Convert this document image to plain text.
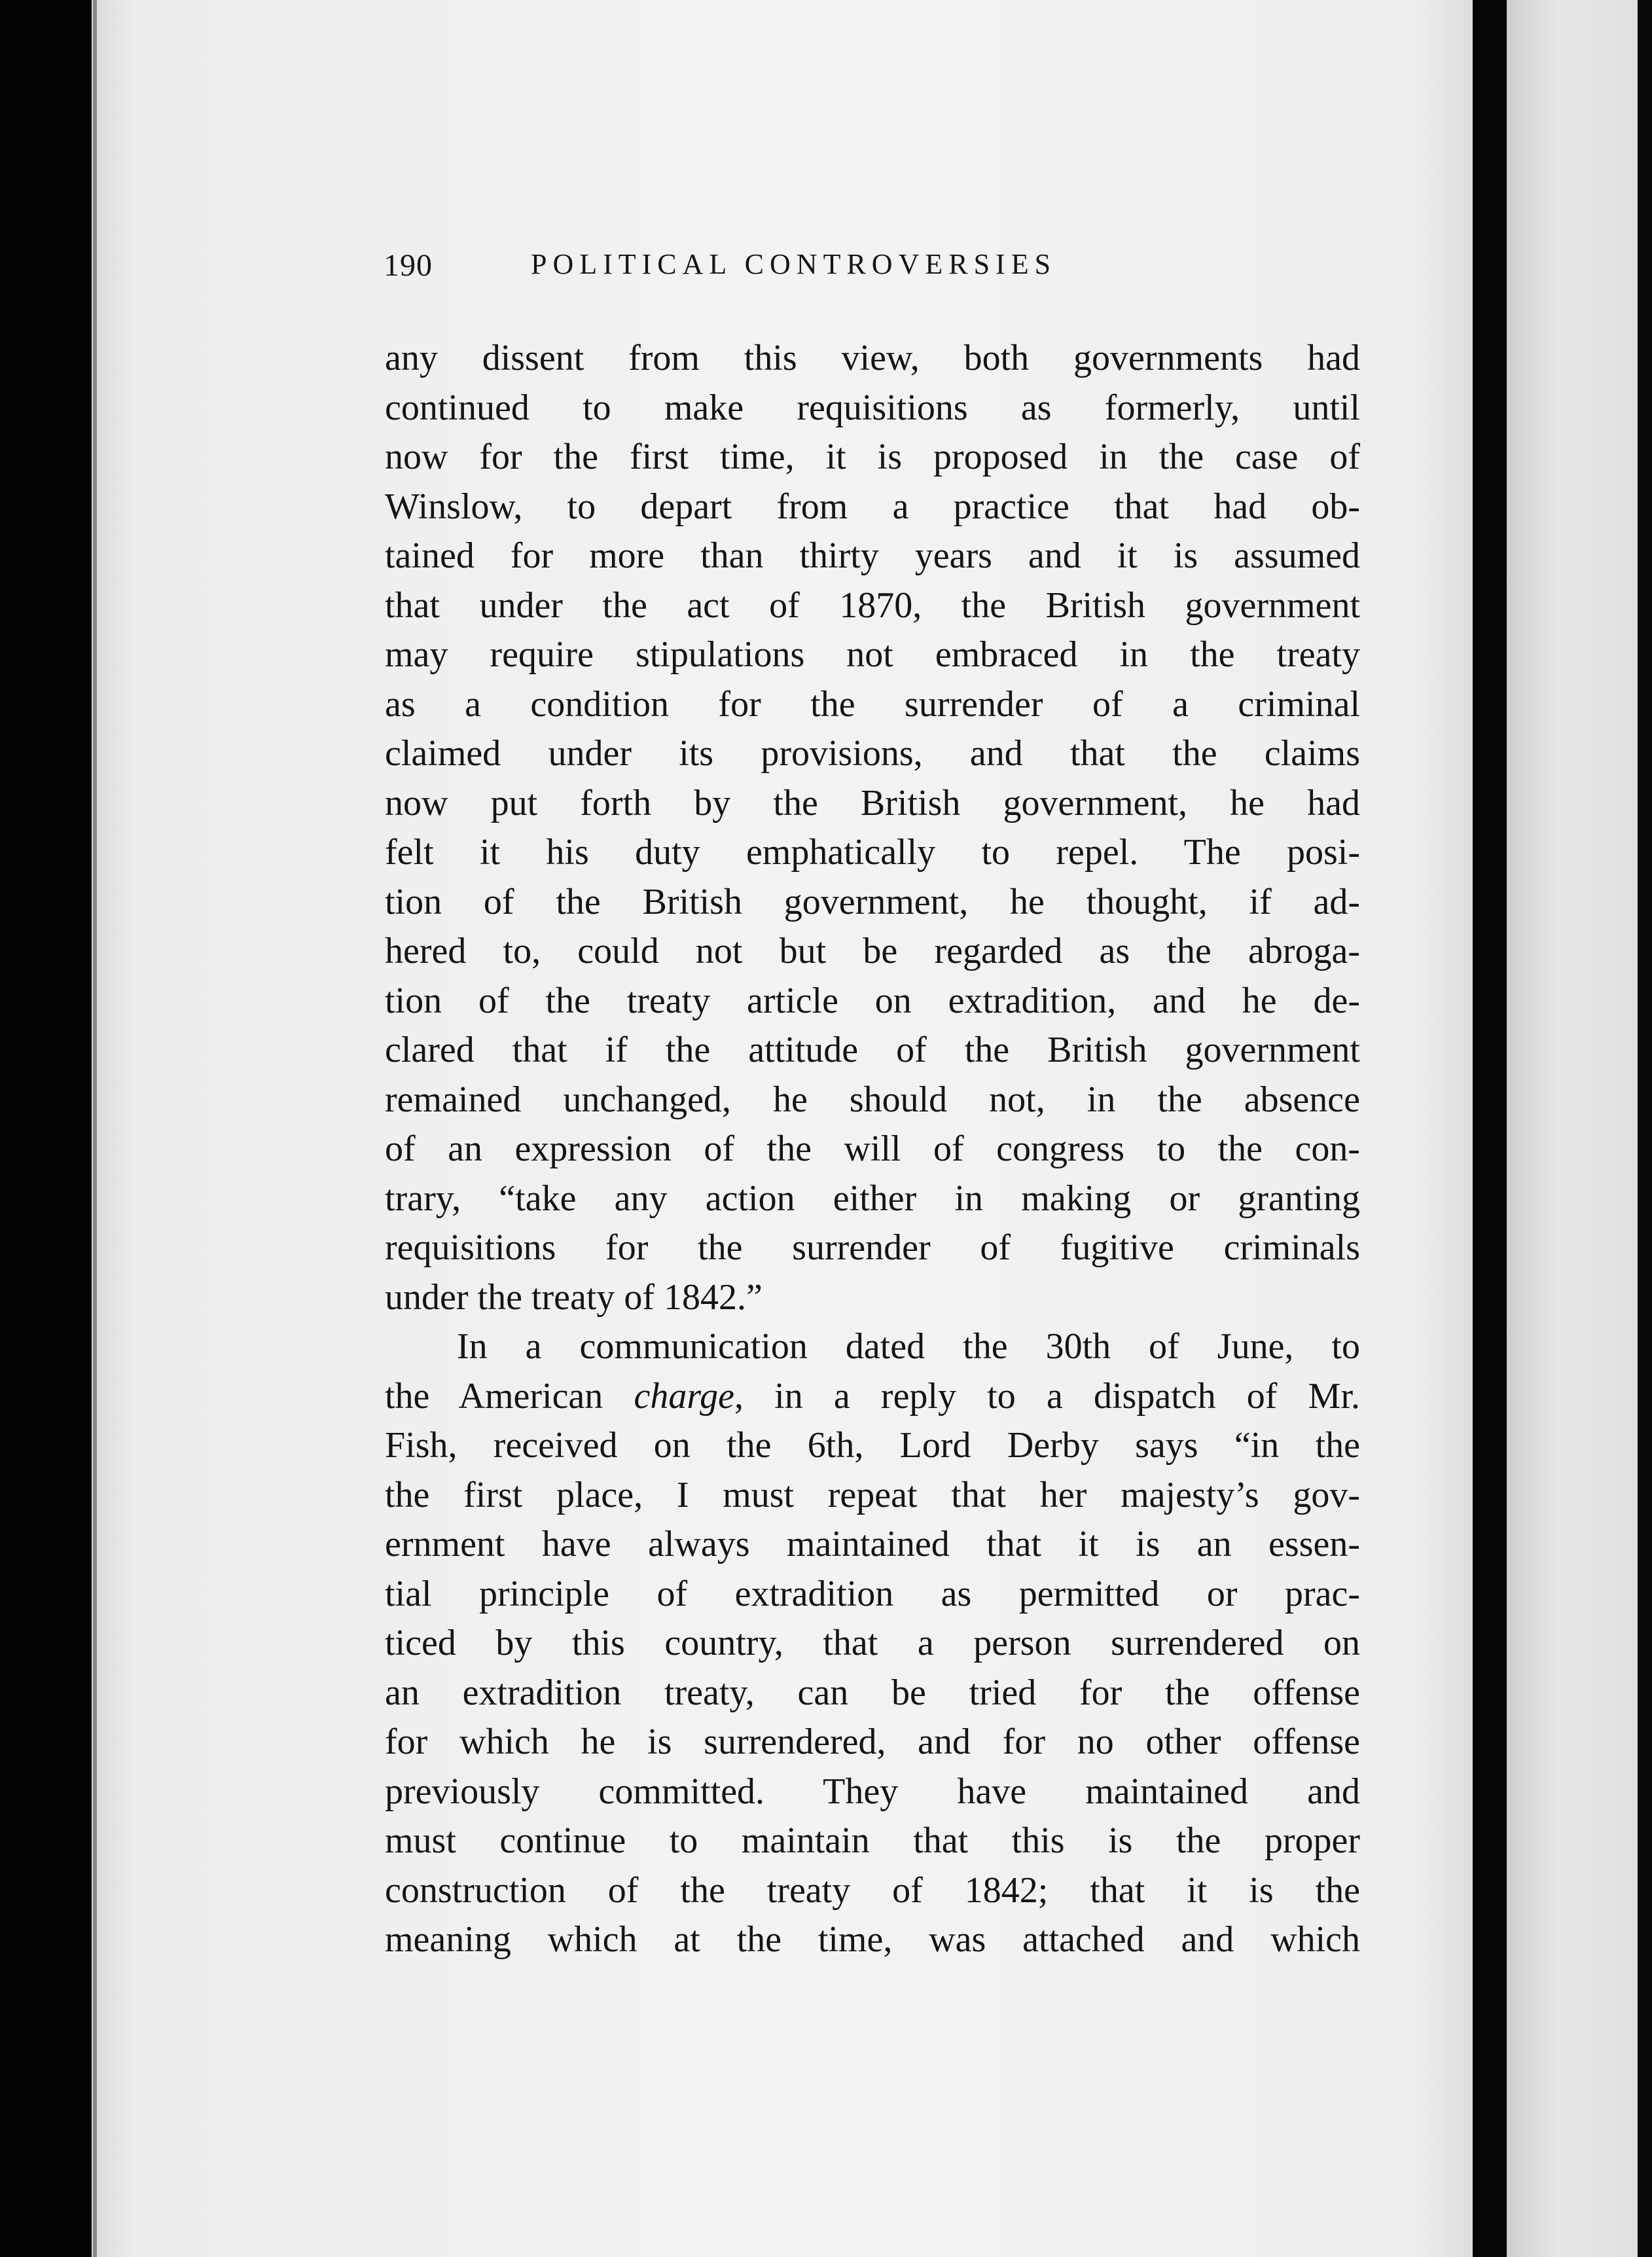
190	POLITICAL CONTROVERSIES
any dissent from this view, both governments had
continued to make requisitions as formerly, until
now for the first time, it is proposed in the case of
Winslow, to depart from a practice that had ob-
tained for more than thirty years and it is assumed
that under the act of 1870, the British government
may require stipulations not embraced in the treaty
as a condition for the surrender of a criminal
claimed under its provisions, and that the claims
now put forth by the British government, he had
felt it his duty emphatically to repel. The posi-
tion of the British government, he thought, if ad-
hered to, could not but be regarded as the abroga-
tion of the treaty article on extradition, and he de-
clared that if the attitude of the British government
remained unchanged, he should not, in the absence
of an expression of the will of congress to the con-
trary, “take any action either in making or granting
requisitions for the surrender of fugitive criminals
under the treaty of 1842.”
In a communication dated the 30th of June, to
the American charge, in a reply to a dispatch of Mr.
Fish, received on the 6th, Lord Derby says “in the
the first place, I must repeat that her majesty’s gov-
ernment have always maintained that it is an essen-
tial principle of extradition as permitted or prac-
ticed by this country, that a person surrendered on
an extradition treaty, can be tried for the offense
for which he is surrendered, and for no other offense
previously committed. They have maintained and
must continue to maintain that this is the proper
construction of the treaty of 1842; that it is the
meaning which at the time, was attached and which
